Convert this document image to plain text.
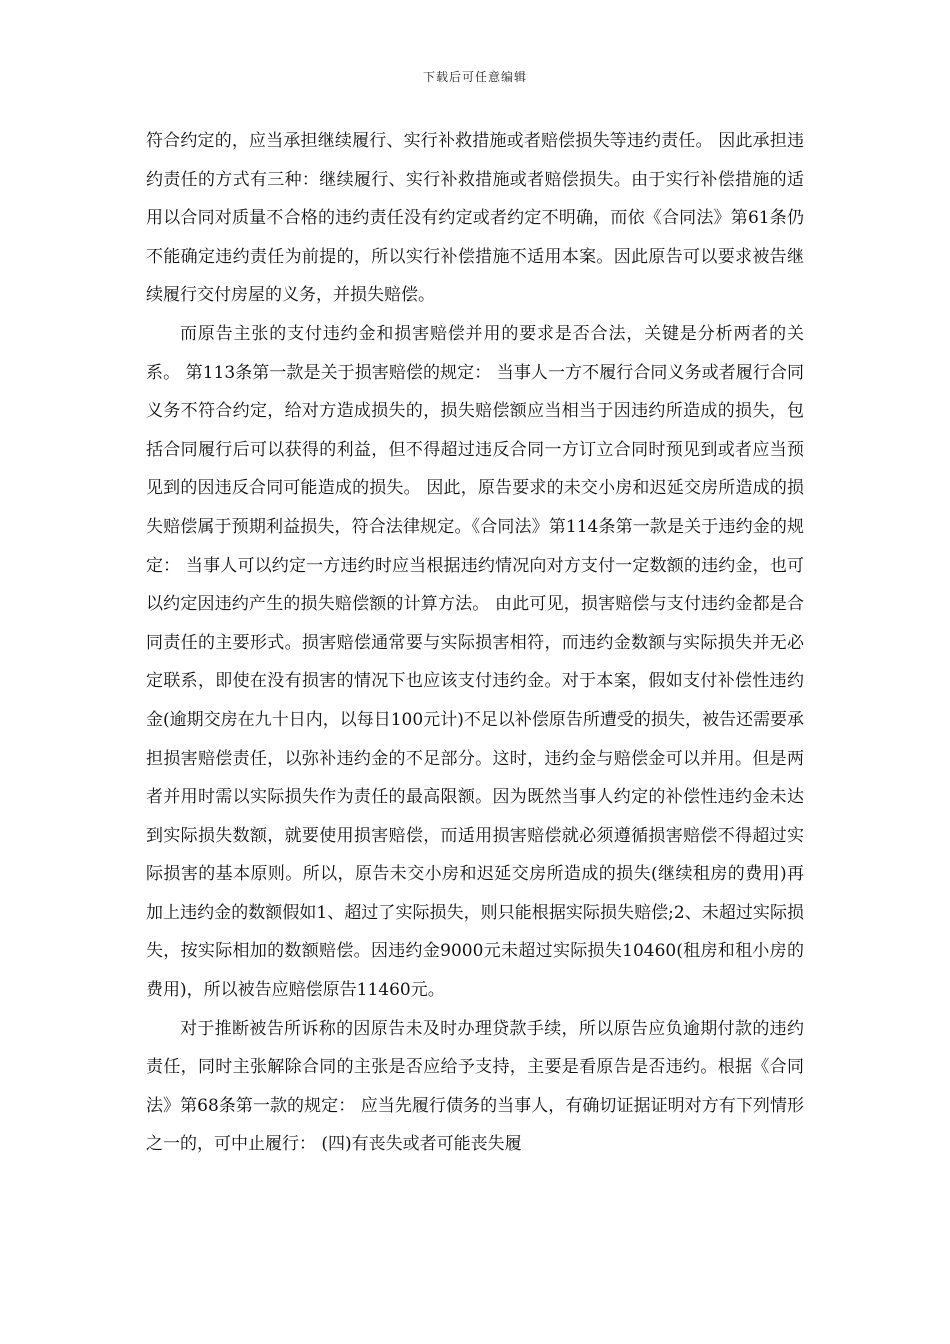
下载后可任意编辑

符合约定的，应当承担继续履行、实行补救措施或者赔偿损失等违约责任。 因此承担违约责任的方式有三种：继续履行、实行补救措施或者赔偿损失。由于实行补偿措施的适用以合同对质量不合格的违约责任没有约定或者约定不明确，而依《合同法》第61条仍不能确定违约责任为前提的，所以实行补偿措施不适用本案。因此原告可以要求被告继续履行交付房屋的义务，并损失赔偿。

而原告主张的支付违约金和损害赔偿并用的要求是否合法，关键是分析两者的关系。 第113条第一款是关于损害赔偿的规定： 当事人一方不履行合同义务或者履行合同义务不符合约定，给对方造成损失的，损失赔偿额应当相当于因违约所造成的损失，包括合同履行后可以获得的利益，但不得超过违反合同一方订立合同时预见到或者应当预见到的因违反合同可能造成的损失。 因此，原告要求的未交小房和迟延交房所造成的损失赔偿属于预期利益损失，符合法律规定。《合同法》第114条第一款是关于违约金的规定： 当事人可以约定一方违约时应当根据违约情况向对方支付一定数额的违约金，也可以约定因违约产生的损失赔偿额的计算方法。 由此可见，损害赔偿与支付违约金都是合同责任的主要形式。损害赔偿通常要与实际损害相符，而违约金数额与实际损失并无必定联系，即使在没有损害的情况下也应该支付违约金。对于本案，假如支付补偿性违约金(逾期交房在九十日内，以每日100元计)不足以补偿原告所遭受的损失，被告还需要承担损害赔偿责任，以弥补违约金的不足部分。这时，违约金与赔偿金可以并用。但是两者并用时需以实际损失作为责任的最高限额。因为既然当事人约定的补偿性违约金未达到实际损失数额，就要使用损害赔偿，而适用损害赔偿就必须遵循损害赔偿不得超过实际损害的基本原则。所以，原告未交小房和迟延交房所造成的损失(继续租房的费用)再加上违约金的数额假如1、超过了实际损失，则只能根据实际损失赔偿;2、未超过实际损失，按实际相加的数额赔偿。因违约金9000元未超过实际损失10460(租房和租小房的费用)，所以被告应赔偿原告11460元。

对于推断被告所诉称的因原告未及时办理贷款手续，所以原告应负逾期付款的违约责任，同时主张解除合同的主张是否应给予支持，主要是看原告是否违约。根据《合同法》第68条第一款的规定： 应当先履行债务的当事人，有确切证据证明对方有下列情形之一的，可中止履行： (四)有丧失或者可能丧失履
